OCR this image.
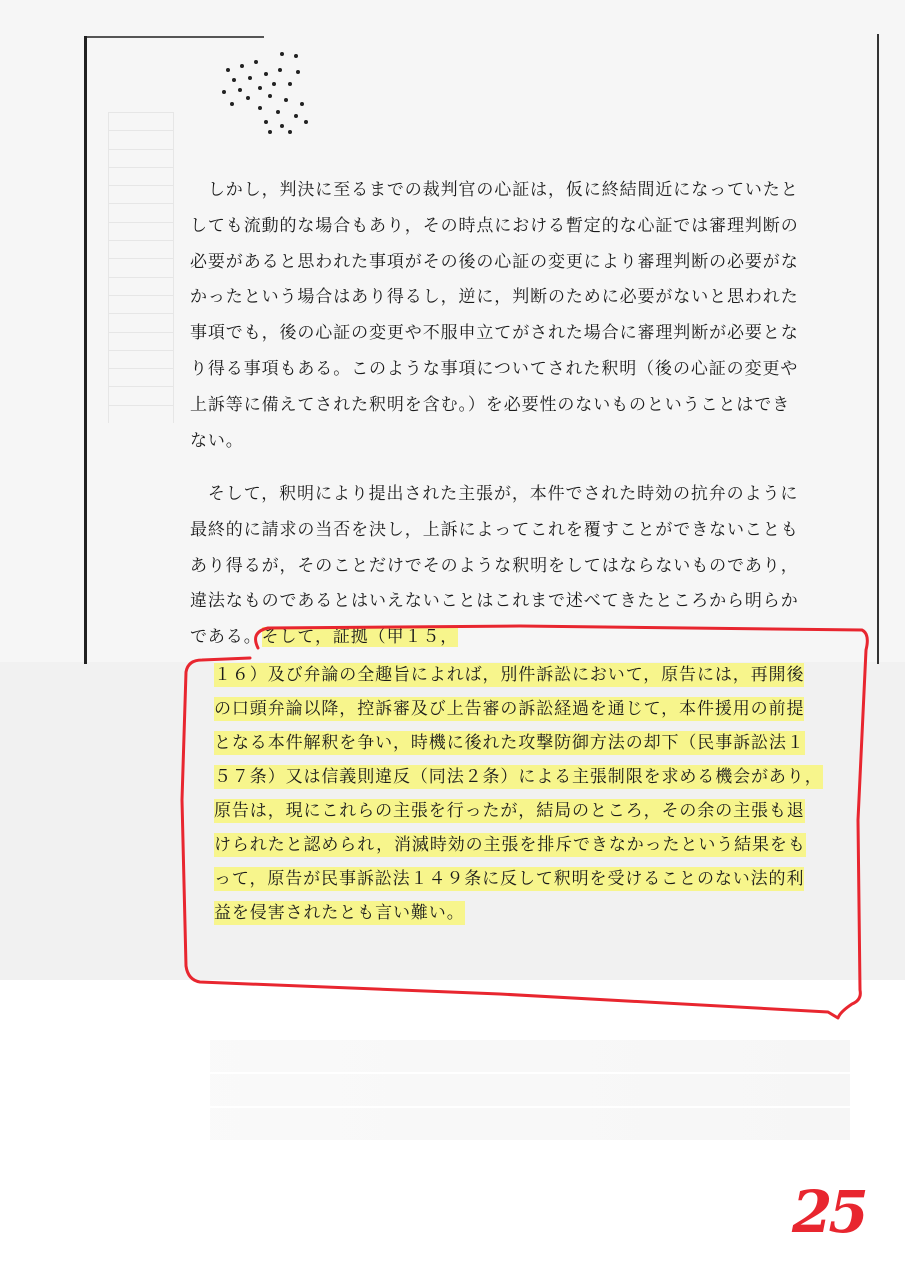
　しかし，判決に至るまでの裁判官の心証は，仮に終結間近になっていたと
しても流動的な場合もあり，その時点における暫定的な心証では審理判断の
必要があると思われた事項がその後の心証の変更により審理判断の必要がな
かったという場合はあり得るし，逆に，判断のために必要がないと思われた
事項でも，後の心証の変更や不服申立てがされた場合に審理判断が必要とな
り得る事項もある。このような事項についてされた釈明（後の心証の変更や
上訴等に備えてされた釈明を含む。）を必要性のないものということはでき
ない。
　そして，釈明により提出された主張が，本件でされた時効の抗弁のように
最終的に請求の当否を決し，上訴によってこれを覆すことができないことも
あり得るが，そのことだけでそのような釈明をしてはならないものであり，
違法なものであるとはいえないことはこれまで述べてきたところから明らか
である。そして，証拠（甲１５，
１６）及び弁論の全趣旨によれば，別件訴訟において，原告には，再開後
の口頭弁論以降，控訴審及び上告審の訴訟経過を通じて，本件援用の前提
となる本件解釈を争い，時機に後れた攻撃防御方法の却下（民事訴訟法１
５７条）又は信義則違反（同法２条）による主張制限を求める機会があり，
原告は，現にこれらの主張を行ったが，結局のところ，その余の主張も退
けられたと認められ，消滅時効の主張を排斥できなかったという結果をも
って，原告が民事訴訟法１４９条に反して釈明を受けることのない法的利
益を侵害されたとも言い難い。
25
